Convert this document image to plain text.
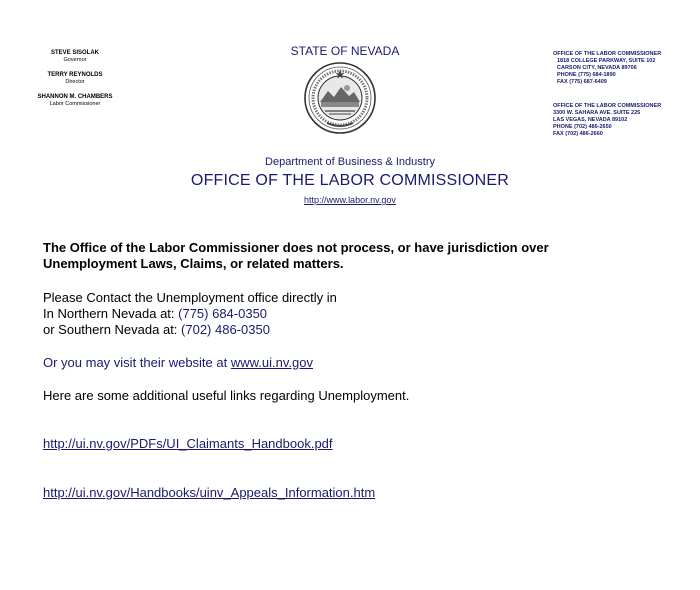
STEVE SISOLAK
Governor
TERRY REYNOLDS
Director
SHANNON M. CHAMBERS
Labor Commissioner
STATE OF NEVADA	OFFICE OF THE LABOR COMMISSIONER
1818 COLLEGE PARKWAY, SUITE 102
CARSON CITY, NEVADA 89706
PHONE (775) 684-1890
FAX (775) 687-6409
OFFICE OF THE LABOR COMMISSIONER
3300 W. SAHARA AVE. SUITE 225
LAS VEGAS, NEVADA 89102
PHONE (702) 486-2650
FAX (702) 486-2660
Department of Business & Industry
OFFICE OF THE LABOR COMMISSIONER
http://www.labor.nv.gov
The Office of the Labor Commissioner does not process, or have jurisdiction over
Unemployment Laws, Claims, or related matters.
Please Contact the Unemployment office directly in
In Northern Nevada at: (775) 684-0350
or Southern Nevada at: (702) 486-0350
Or you may visit their website at www.ui.nv.gov
Here are some additional useful links regarding Unemployment.
http://ui.nv.gov/PDFs/UI_Claimants_Handbook.pdf
http://ui.nv.gov/Handbooks/uinv_Appeals_Information.htm
